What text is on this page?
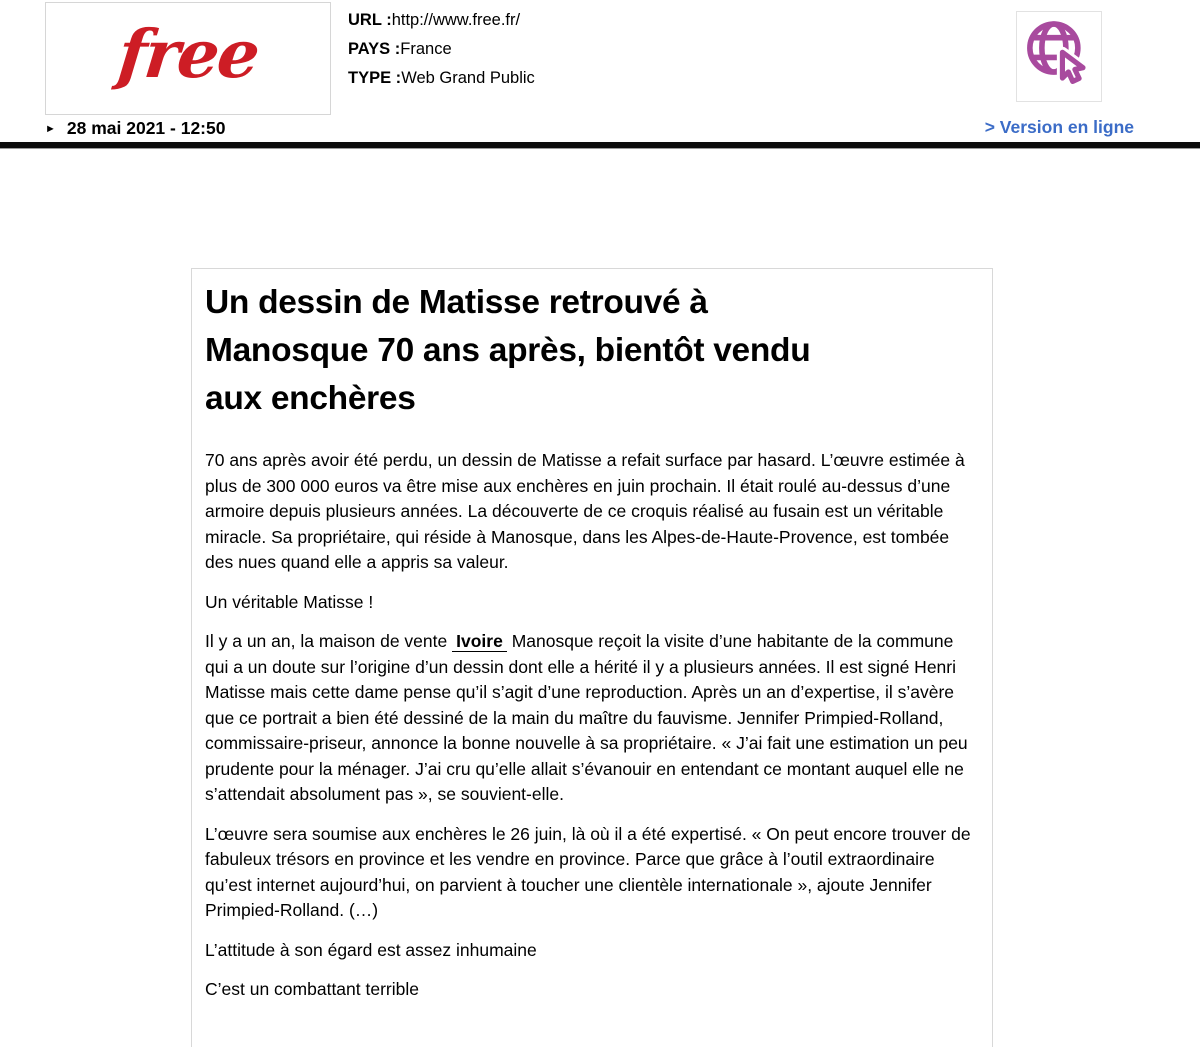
free	URL :http://www.free.fr/
PAYS :France
TYPE :Web Grand Public
► 28 mai 2021 - 12:50	> Version en ligne
Un dessin de Matisse retrouvé à
Manosque 70 ans après, bientôt vendu
aux enchères

70 ans après avoir été perdu, un dessin de Matisse a refait surface par hasard. L’œuvre estimée à plus de 300 000 euros va être mise aux enchères en juin prochain. Il était roulé au-dessus d’une armoire depuis plusieurs années. La découverte de ce croquis réalisé au fusain est un véritable miracle. Sa propriétaire, qui réside à Manosque, dans les Alpes-de-Haute-Provence, est tombée des nues quand elle a appris sa valeur.

Un véritable Matisse !

Il y a un an, la maison de vente Ivoire Manosque reçoit la visite d’une habitante de la commune qui a un doute sur l’origine d’un dessin dont elle a hérité il y a plusieurs années. Il est signé Henri Matisse mais cette dame pense qu’il s’agit d’une reproduction. Après un an d’expertise, il s’avère que ce portrait a bien été dessiné de la main du maître du fauvisme. Jennifer Primpied-Rolland, commissaire-priseur, annonce la bonne nouvelle à sa propriétaire. « J’ai fait une estimation un peu prudente pour la ménager. J’ai cru qu’elle allait s’évanouir en entendant ce montant auquel elle ne s’attendait absolument pas », se souvient-elle.

L’œuvre sera soumise aux enchères le 26 juin, là où il a été expertisé. « On peut encore trouver de fabuleux trésors en province et les vendre en province. Parce que grâce à l’outil extraordinaire qu’est internet aujourd’hui, on parvient à toucher une clientèle internationale », ajoute Jennifer Primpied-Rolland. (…)

L’attitude à son égard est assez inhumaine

C’est un combattant terrible
